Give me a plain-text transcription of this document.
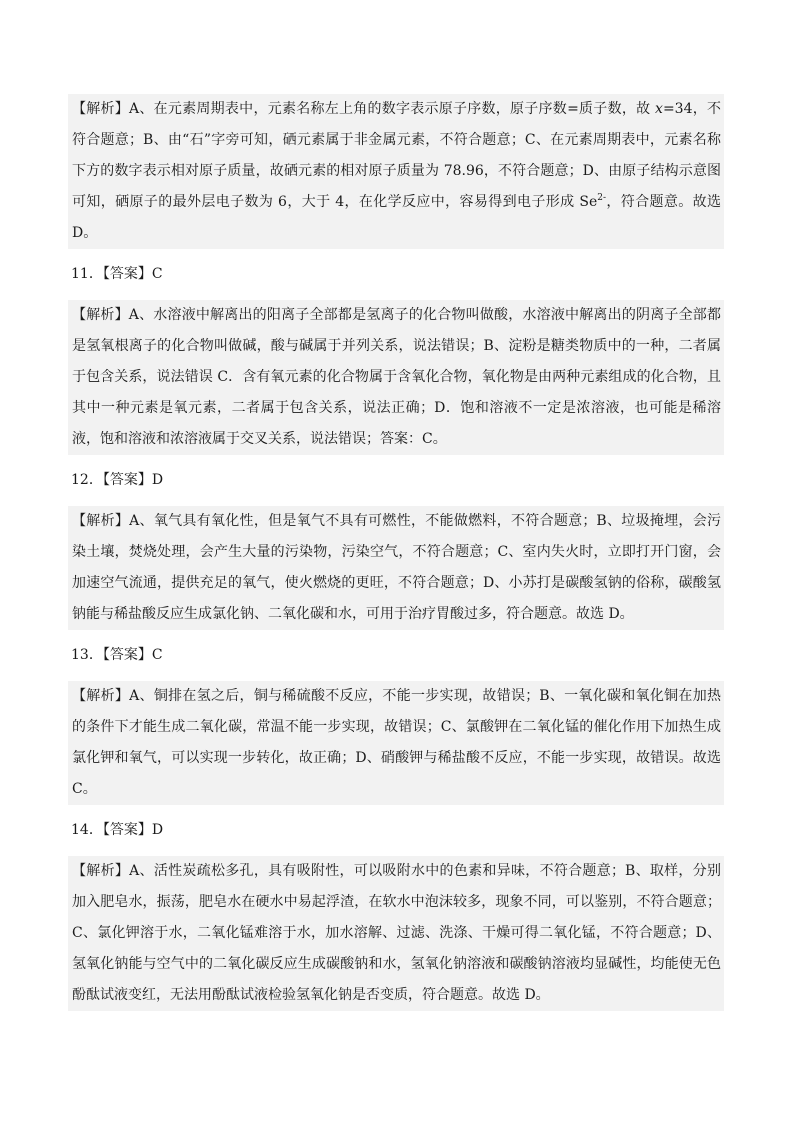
【解析】A、在元素周期表中，元素名称左上角的数字表示原子序数，原子序数=质子数，故 x=34，不符合题意；B、由“石”字旁可知，硒元素属于非金属元素，不符合题意；C、在元素周期表中，元素名称下方的数字表示相对原子质量，故硒元素的相对原子质量为 78.96，不符合题意；D、由原子结构示意图可知，硒原子的最外层电子数为 6，大于 4，在化学反应中，容易得到电子形成 $Se^{2-}$，符合题意。故选 D。
11．【答案】C
【解析】A、水溶液中解离出的阳离子全部都是氢离子的化合物叫做酸，水溶液中解离出的阴离子全部都是氢氧根离子的化合物叫做碱，酸与碱属于并列关系，说法错误；B、淀粉是糖类物质中的一种，二者属于包含关系，说法错误 C．含有氧元素的化合物属于含氧化合物，氧化物是由两种元素组成的化合物，且其中一种元素是氧元素，二者属于包含关系，说法正确；D．饱和溶液不一定是浓溶液，也可能是稀溶液，饱和溶液和浓溶液属于交叉关系，说法错误；答案：C。
12．【答案】D
【解析】A、氧气具有氧化性，但是氧气不具有可燃性，不能做燃料，不符合题意；B、垃圾掩埋，会污染土壤，焚烧处理，会产生大量的污染物，污染空气，不符合题意；C、室内失火时，立即打开门窗，会加速空气流通，提供充足的氧气，使火燃烧的更旺，不符合题意；D、小苏打是碳酸氢钠的俗称，碳酸氢钠能与稀盐酸反应生成氯化钠、二氧化碳和水，可用于治疗胃酸过多，符合题意。故选 D。
13．【答案】C
【解析】A、铜排在氢之后，铜与稀硫酸不反应，不能一步实现，故错误；B、一氧化碳和氧化铜在加热的条件下才能生成二氧化碳，常温不能一步实现，故错误；C、氯酸钾在二氧化锰的催化作用下加热生成氯化钾和氧气，可以实现一步转化，故正确；D、硝酸钾与稀盐酸不反应，不能一步实现，故错误。故选 C。
14．【答案】D
【解析】A、活性炭疏松多孔，具有吸附性，可以吸附水中的色素和异味，不符合题意；B、取样，分别加入肥皂水，振荡，肥皂水在硬水中易起浮渣，在软水中泡沫较多，现象不同，可以鉴别，不符合题意；C、氯化钾溶于水，二氧化锰难溶于水，加水溶解、过滤、洗涤、干燥可得二氧化锰，不符合题意；D、氢氧化钠能与空气中的二氧化碳反应生成碳酸钠和水，氢氧化钠溶液和碳酸钠溶液均显碱性，均能使无色酚酞试液变红，无法用酚酞试液检验氢氧化钠是否变质，符合题意。故选 D。
